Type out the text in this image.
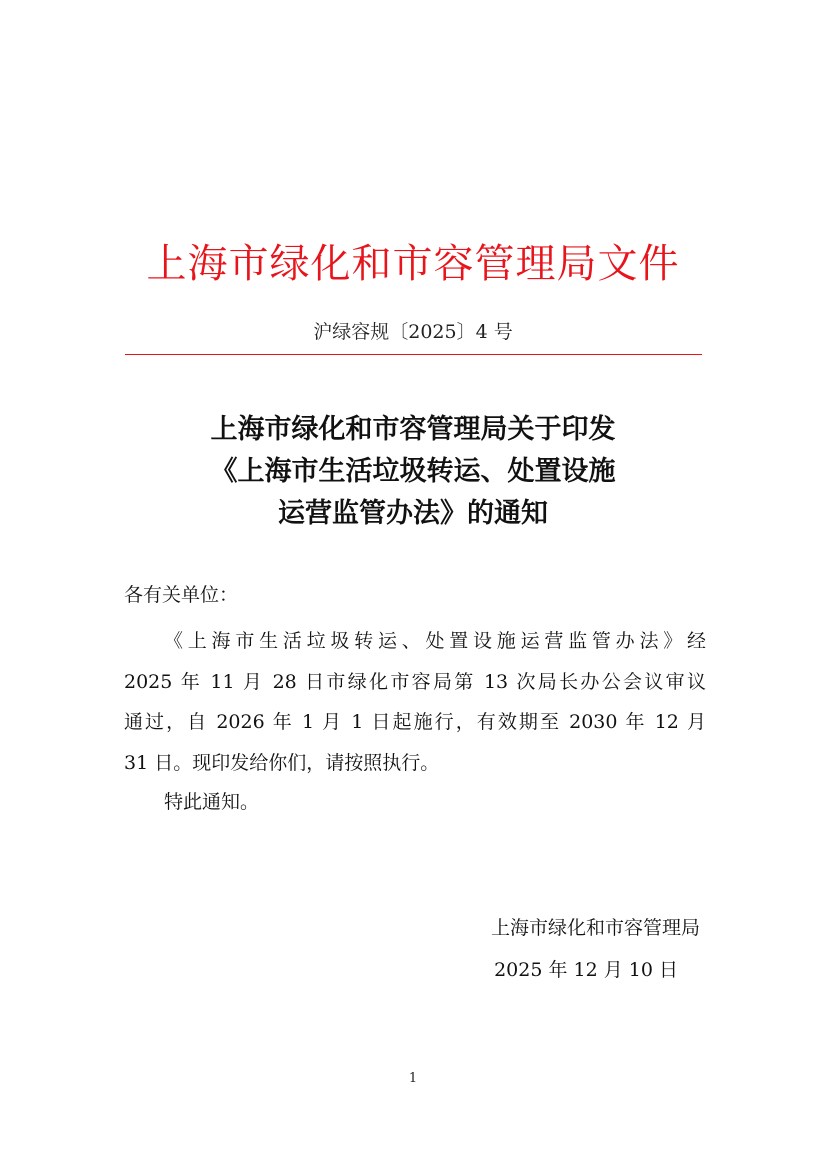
上海市绿化和市容管理局文件
沪绿容规〔2025〕4 号
上海市绿化和市容管理局关于印发
《上海市生活垃圾转运、处置设施
运营监管办法》的通知
各有关单位：
《上海市生活垃圾转运、处置设施运营监管办法》经
2025 年 11 月 28 日市绿化市容局第 13 次局长办公会议审议
通过，自 2026 年 1 月 1 日起施行，有效期至 2030 年 12 月
31 日。现印发给你们，请按照执行。
特此通知。
上海市绿化和市容管理局
2025 年 12 月 10 日
1
